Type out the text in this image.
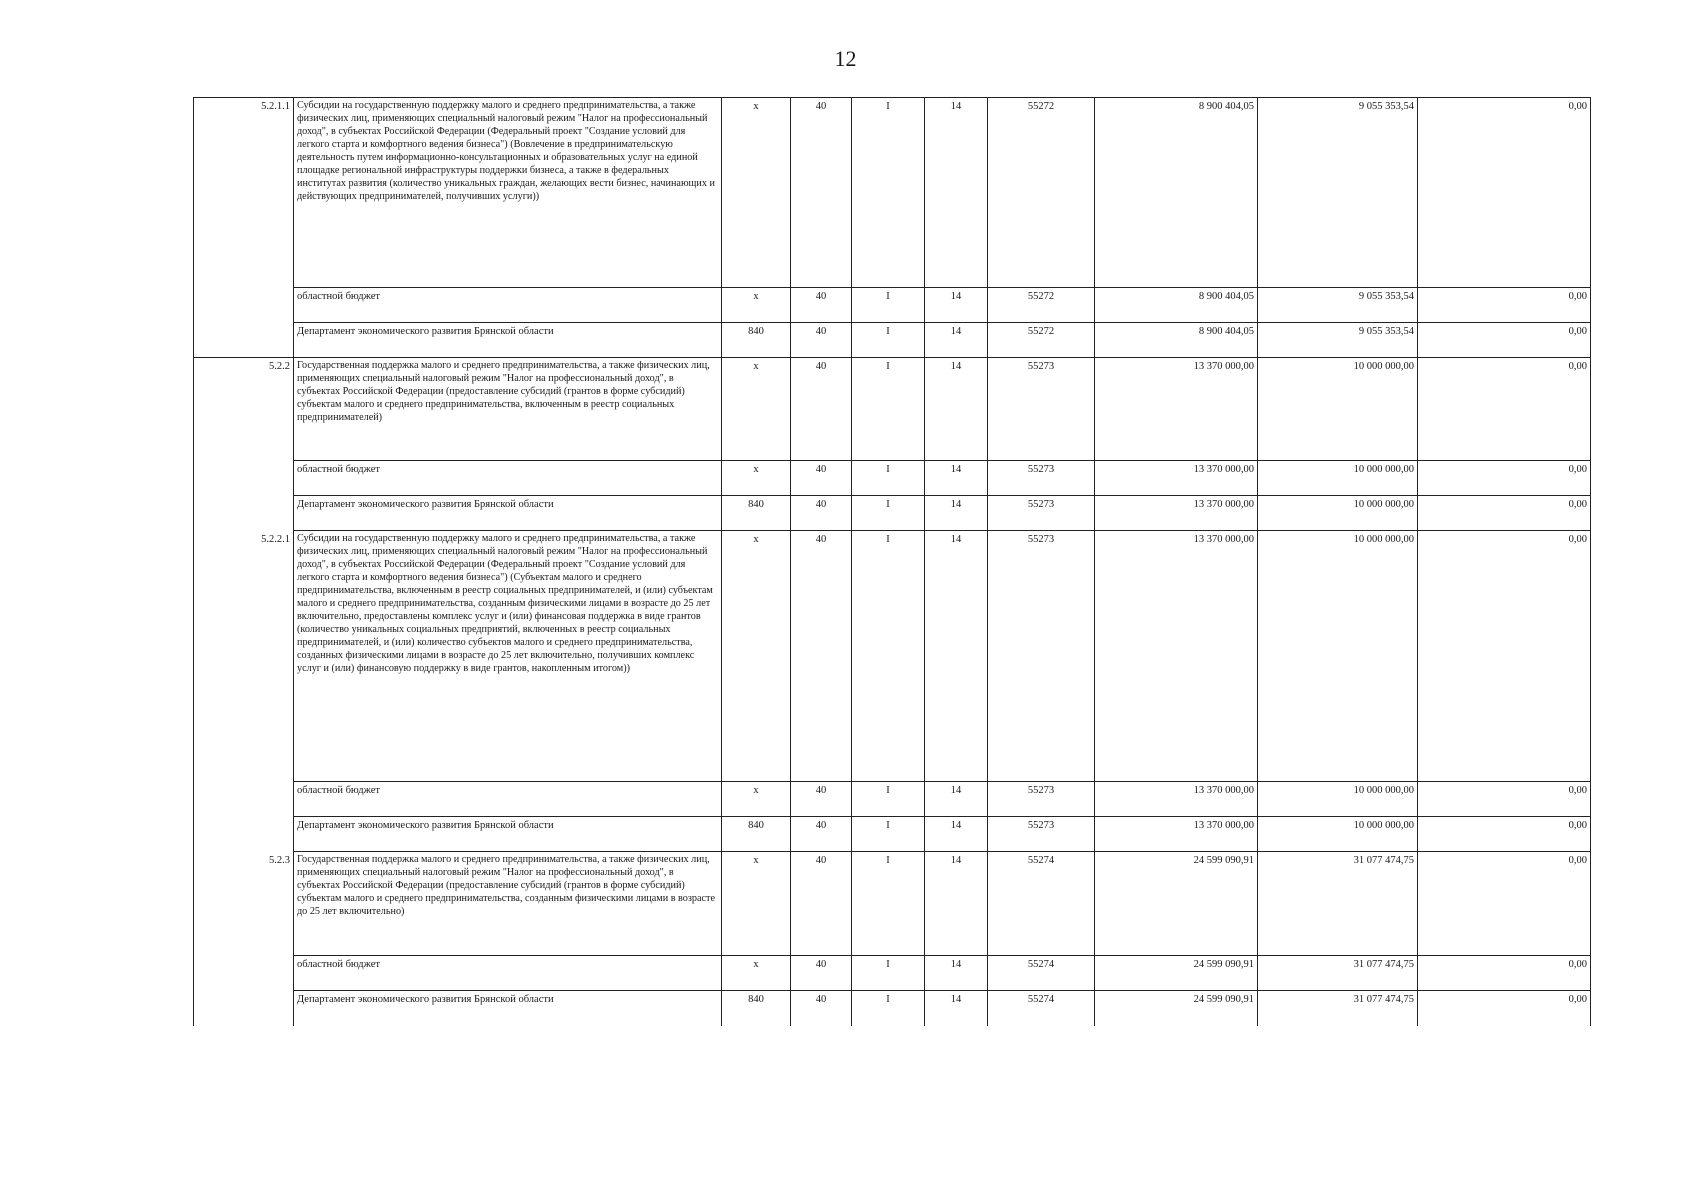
12
5.2.1.1	Субсидии на государственную поддержку малого и среднего предпринимательства, а также физических лиц, применяющих специальный налоговый режим "Налог на профессиональный доход", в субъектах Российской Федерации (Федеральный проект "Создание условий для легкого старта и комфортного ведения бизнеса") (Вовлечение в предпринимательскую деятельность путем информационно-консультационных и образовательных услуг на единой площадке региональной инфраструктуры поддержки бизнеса, а также в федеральных институтах развития (количество уникальных граждан, желающих вести бизнес, начинающих и действующих предпринимателей, получивших услуги))	x	40	I	14	55272	8 900 404,05	9 055 353,54	0,00
	областной бюджет	x	40	I	14	55272	8 900 404,05	9 055 353,54	0,00
	Департамент экономического развития Брянской области	840	40	I	14	55272	8 900 404,05	9 055 353,54	0,00
5.2.2	Государственная поддержка малого и среднего предпринимательства, а также физических лиц, применяющих специальный налоговый режим "Налог на профессиональный доход", в субъектах Российской Федерации (предоставление субсидий (грантов в форме субсидий) субъектам малого и среднего предпринимательства, включенным в реестр социальных предпринимателей)	x	40	I	14	55273	13 370 000,00	10 000 000,00	0,00
	областной бюджет	x	40	I	14	55273	13 370 000,00	10 000 000,00	0,00
	Департамент экономического развития Брянской области	840	40	I	14	55273	13 370 000,00	10 000 000,00	0,00
5.2.2.1	Субсидии на государственную поддержку малого и среднего предпринимательства, а также физических лиц, применяющих специальный налоговый режим "Налог на профессиональный доход", в субъектах Российской Федерации (Федеральный проект "Создание условий для легкого старта и комфортного ведения бизнеса") (Субъектам малого и среднего предпринимательства, включенным в реестр социальных предпринимателей, и (или) субъектам малого и среднего предпринимательства, созданным физическими лицами в возрасте до 25 лет включительно, предоставлены комплекс услуг и (или) финансовая поддержка в виде грантов (количество уникальных социальных предприятий, включенных в реестр социальных предпринимателей, и (или) количество субъектов малого и среднего предпринимательства, созданных физическими лицами в возрасте до 25 лет включительно, получивших комплекс услуг и (или) финансовую поддержку в виде грантов, накопленным итогом))	x	40	I	14	55273	13 370 000,00	10 000 000,00	0,00
	областной бюджет	x	40	I	14	55273	13 370 000,00	10 000 000,00	0,00
	Департамент экономического развития Брянской области	840	40	I	14	55273	13 370 000,00	10 000 000,00	0,00
5.2.3	Государственная поддержка малого и среднего предпринимательства, а также физических лиц, применяющих специальный налоговый режим "Налог на профессиональный доход", в субъектах Российской Федерации (предоставление субсидий (грантов в форме субсидий) субъектам малого и среднего предпринимательства, созданным физическими лицами в возрасте до 25 лет включительно)	x	40	I	14	55274	24 599 090,91	31 077 474,75	0,00
	областной бюджет	x	40	I	14	55274	24 599 090,91	31 077 474,75	0,00
	Департамент экономического развития Брянской области	840	40	I	14	55274	24 599 090,91	31 077 474,75	0,00
